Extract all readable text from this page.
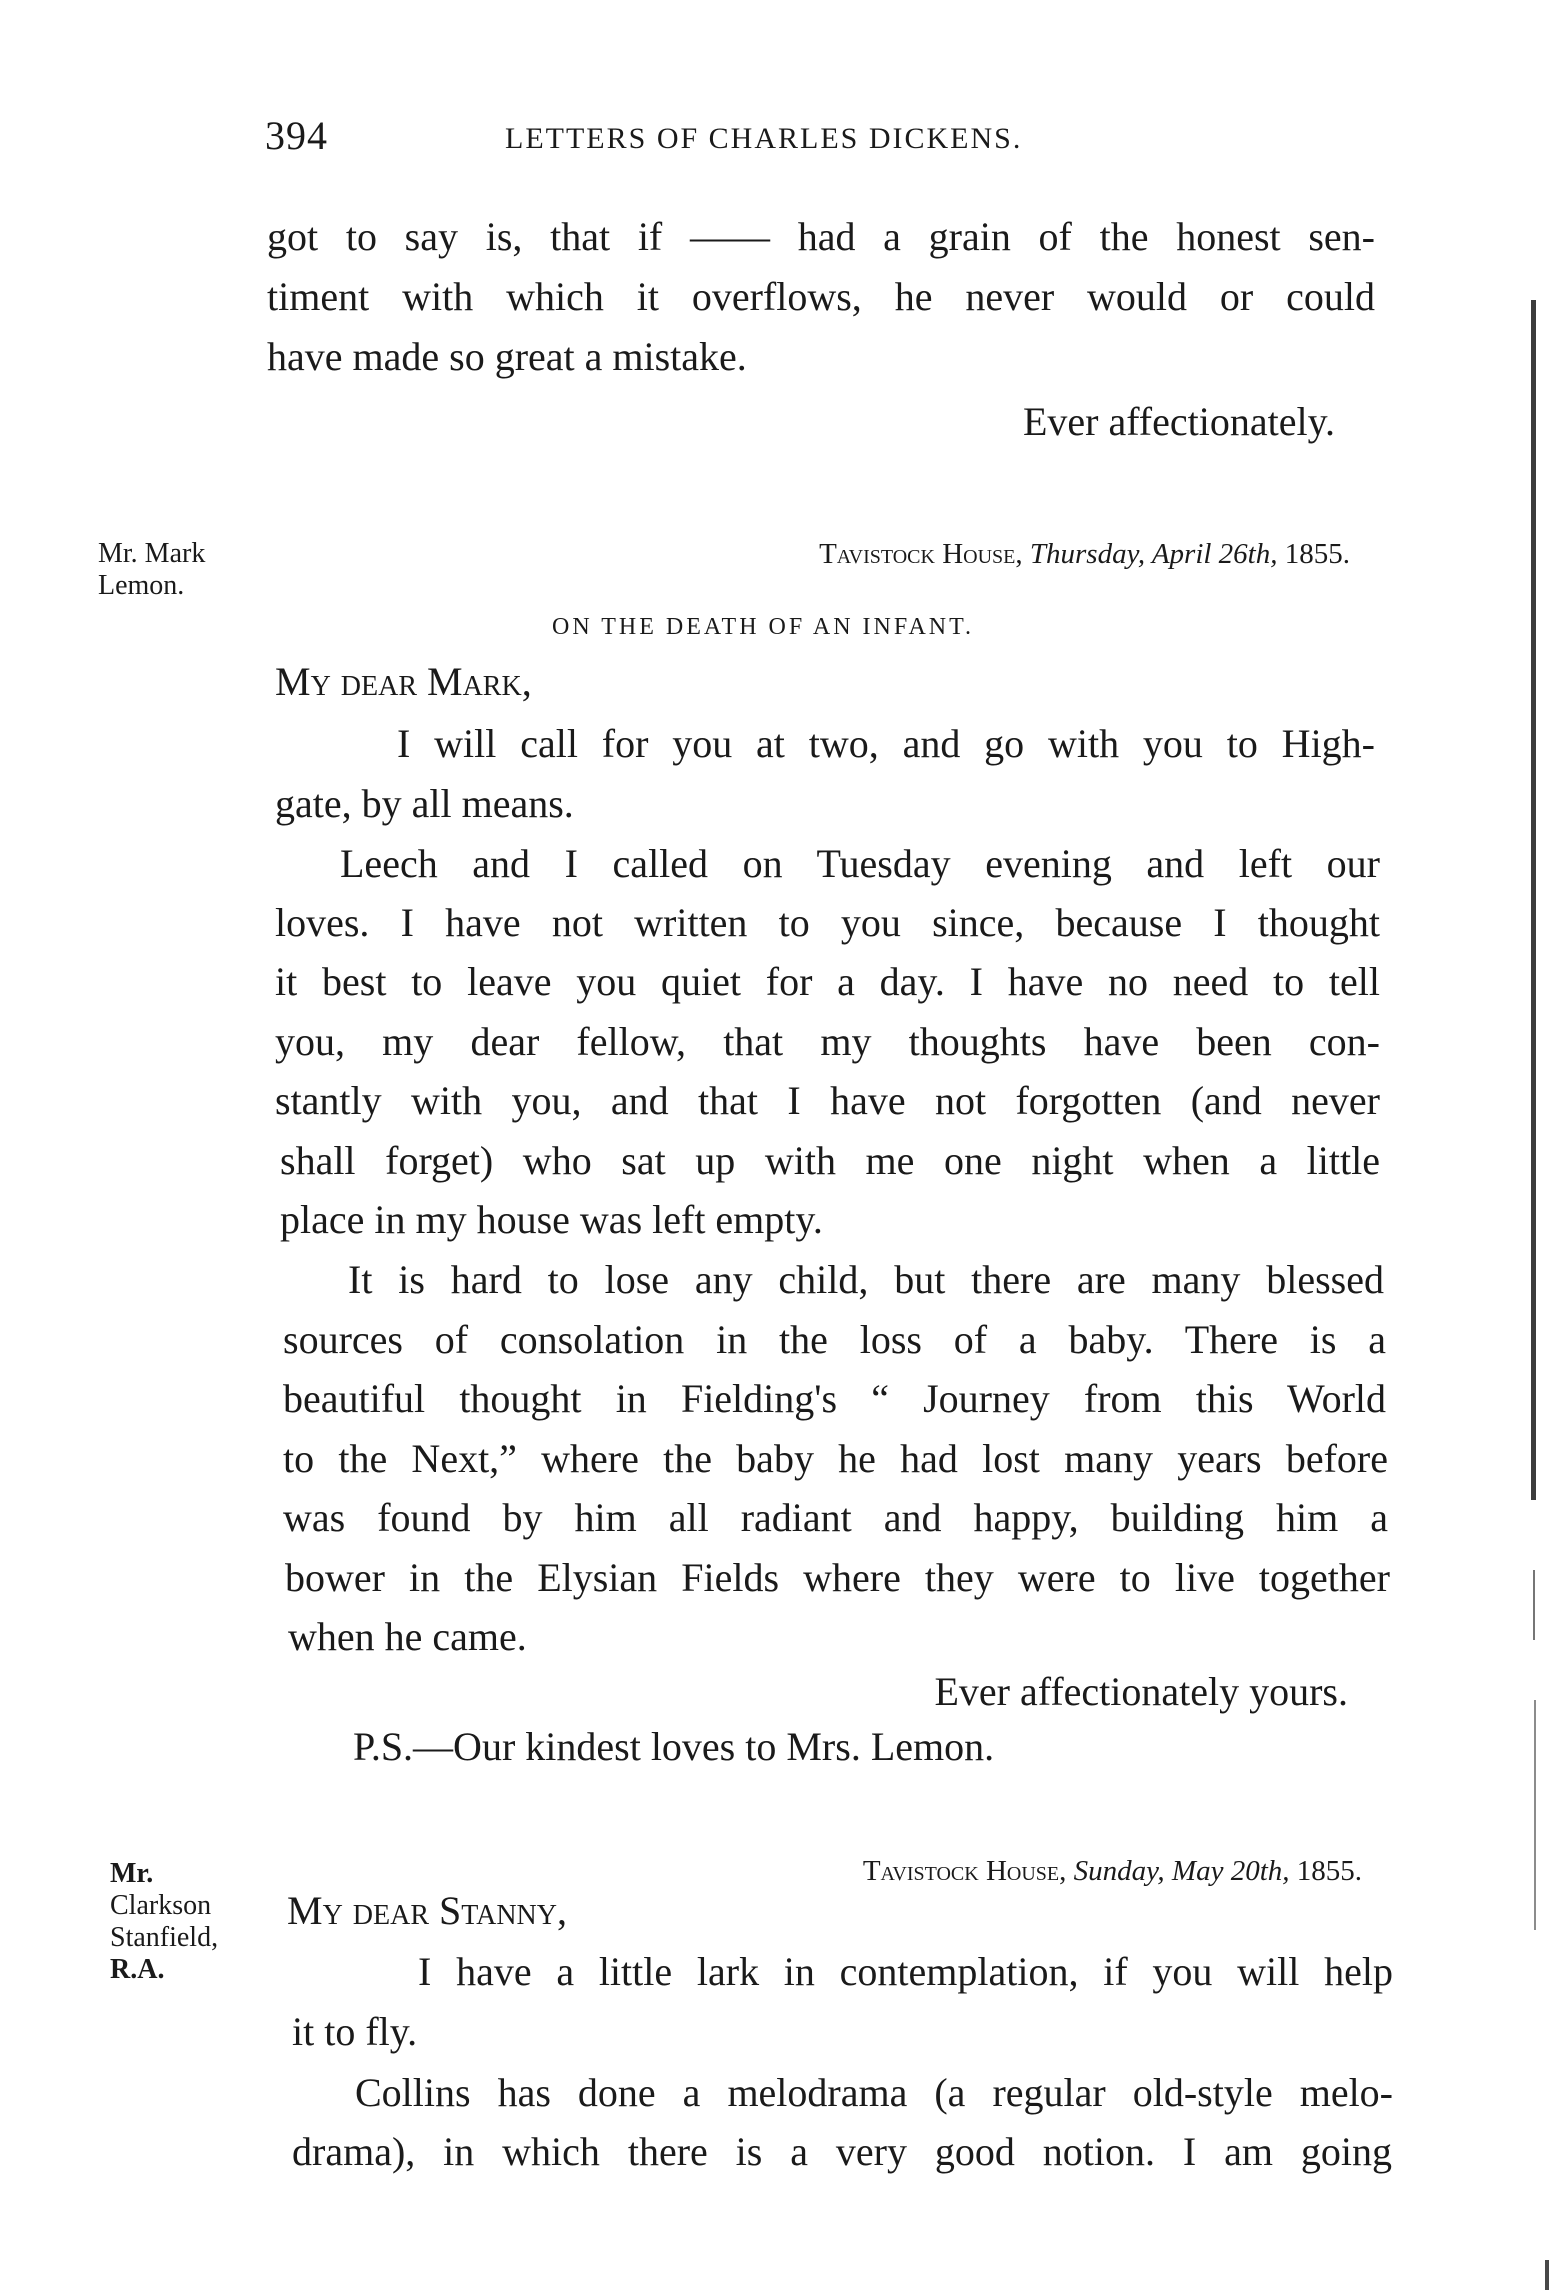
394	LETTERS OF CHARLES DICKENS.
got to say is, that if —— had a grain of the honest sen-
timent with which it overflows, he never would or could
have made so great a mistake.
Ever affectionately.
Mr. Mark
Lemon.
Tavistock House, Thursday, April 26th, 1855.
ON THE DEATH OF AN INFANT.
My dear Mark,
I will call for you at two, and go with you to High-
gate, by all means.
Leech and I called on Tuesday evening and left our
loves. I have not written to you since, because I thought
it best to leave you quiet for a day. I have no need to tell
you, my dear fellow, that my thoughts have been con-
stantly with you, and that I have not forgotten (and never
shall forget) who sat up with me one night when a little
place in my house was left empty.
It is hard to lose any child, but there are many blessed
sources of consolation in the loss of a baby. There is a
beautiful thought in Fielding's “ Journey from this World
to the Next,” where the baby he had lost many years before
was found by him all radiant and happy, building him a
bower in the Elysian Fields where they were to live together
when he came.
Ever affectionately yours.
P.S.—Our kindest loves to Mrs. Lemon.
Mr.
Clarkson
Stanfield,
R.A.
Tavistock House, Sunday, May 20th, 1855.
My dear Stanny,
I have a little lark in contemplation, if you will help
it to fly.
Collins has done a melodrama (a regular old-style melo-
drama), in which there is a very good notion. I am going
